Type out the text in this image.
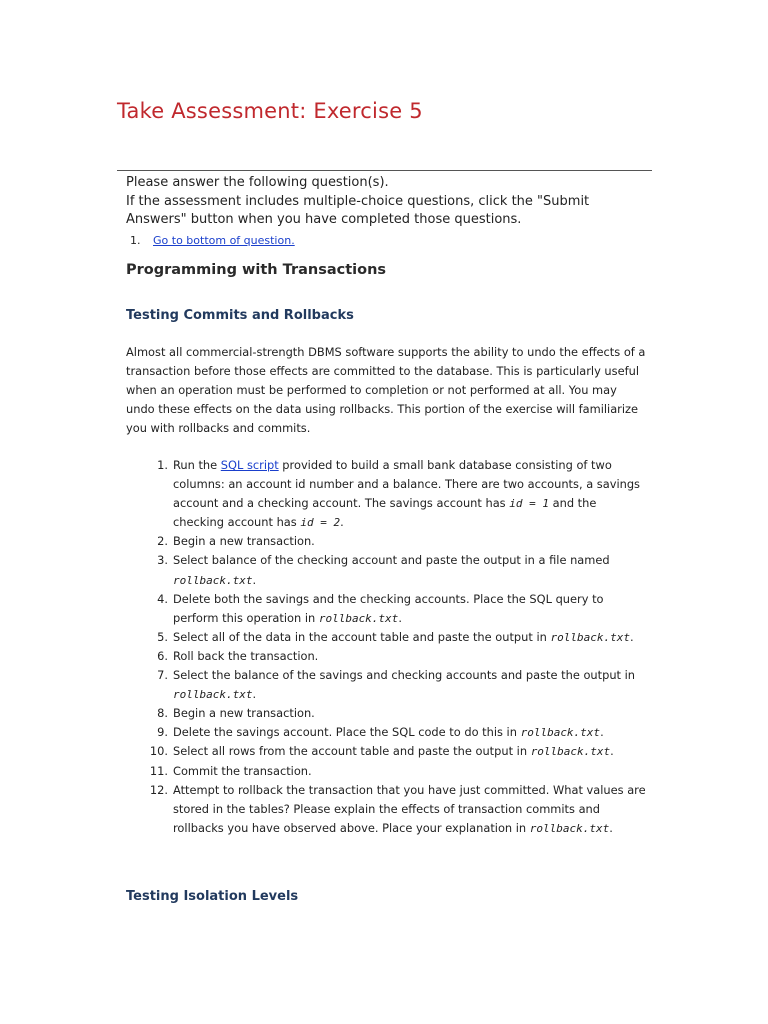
Take Assessment: Exercise 5

Please answer the following question(s).

If the assessment includes multiple-choice questions, click the "Submit Answers" button when you have completed those questions.

1. Go to bottom of question.
Programming with Transactions
Testing Commits and Rollbacks

Almost all commercial-strength DBMS software supports the ability to undo the effects of a transaction before those effects are committed to the database. This is particularly useful when an operation must be performed to completion or not performed at all. You may undo these effects on the data using rollbacks. This portion of the exercise will familiarize you with rollbacks and commits.

1. Run the SQL script provided to build a small bank database consisting of two columns: an account id number and a balance. There are two accounts, a savings account and a checking account. The savings account has id = 1 and the checking account has id = 2.
2. Begin a new transaction.
3. Select balance of the checking account and paste the output in a file named rollback.txt.
4. Delete both the savings and the checking accounts. Place the SQL query to perform this operation in rollback.txt.
5. Select all of the data in the account table and paste the output in rollback.txt.
6. Roll back the transaction.
7. Select the balance of the savings and checking accounts and paste the output in rollback.txt.
8. Begin a new transaction.
9. Delete the savings account. Place the SQL code to do this in rollback.txt.
10. Select all rows from the account table and paste the output in rollback.txt.
11. Commit the transaction.
12. Attempt to rollback the transaction that you have just committed. What values are stored in the tables? Please explain the effects of transaction commits and rollbacks you have observed above. Place your explanation in rollback.txt.
Testing Isolation Levels
